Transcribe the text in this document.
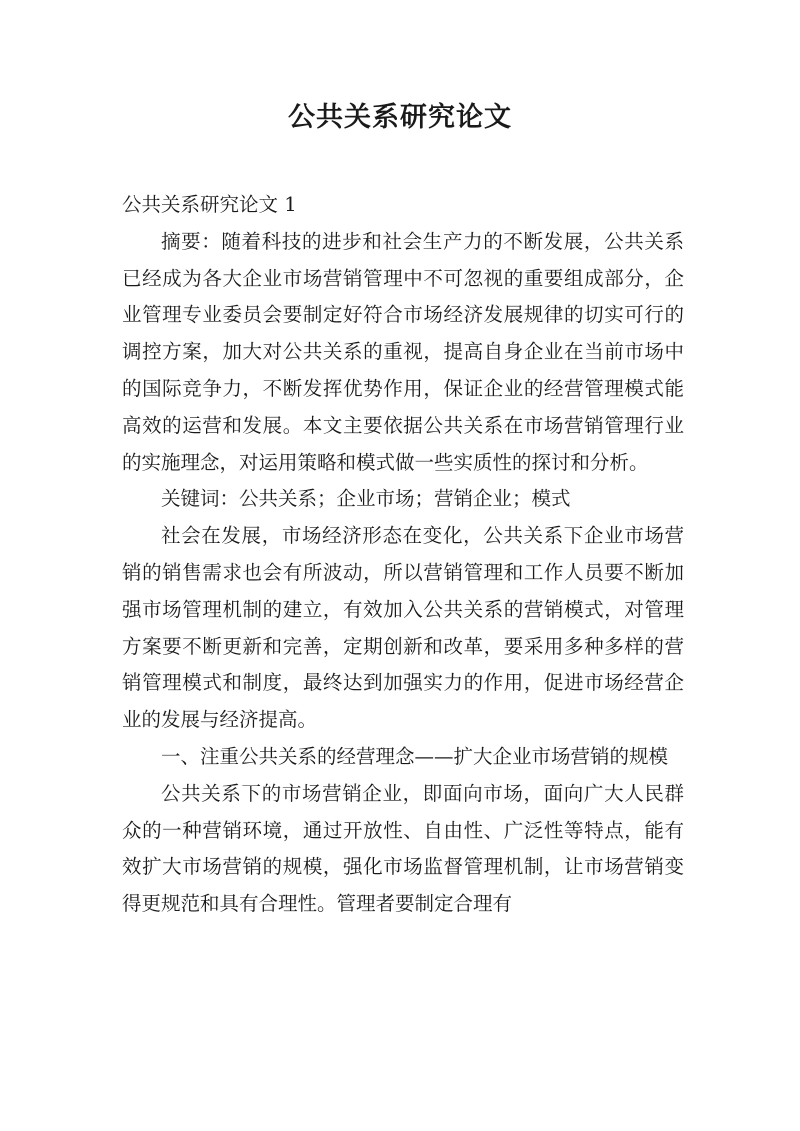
公共关系研究论文

公共关系研究论文 1

摘要：随着科技的进步和社会生产力的不断发展，公共关系已经成为各大企业市场营销管理中不可忽视的重要组成部分，企业管理专业委员会要制定好符合市场经济发展规律的切实可行的调控方案，加大对公共关系的重视，提高自身企业在当前市场中的国际竞争力，不断发挥优势作用，保证企业的经营管理模式能高效的运营和发展。本文主要依据公共关系在市场营销管理行业的实施理念，对运用策略和模式做一些实质性的探讨和分析。

关键词：公共关系；企业市场；营销企业；模式

社会在发展，市场经济形态在变化，公共关系下企业市场营销的销售需求也会有所波动，所以营销管理和工作人员要不断加强市场管理机制的建立，有效加入公共关系的营销模式，对管理方案要不断更新和完善，定期创新和改革，要采用多种多样的营销管理模式和制度，最终达到加强实力的作用，促进市场经营企业的发展与经济提高。

一、注重公共关系的经营理念——扩大企业市场营销的规模

公共关系下的市场营销企业，即面向市场，面向广大人民群众的一种营销环境，通过开放性、自由性、广泛性等特点，能有效扩大市场营销的规模，强化市场监督管理机制，让市场营销变得更规范和具有合理性。管理者要制定合理有
